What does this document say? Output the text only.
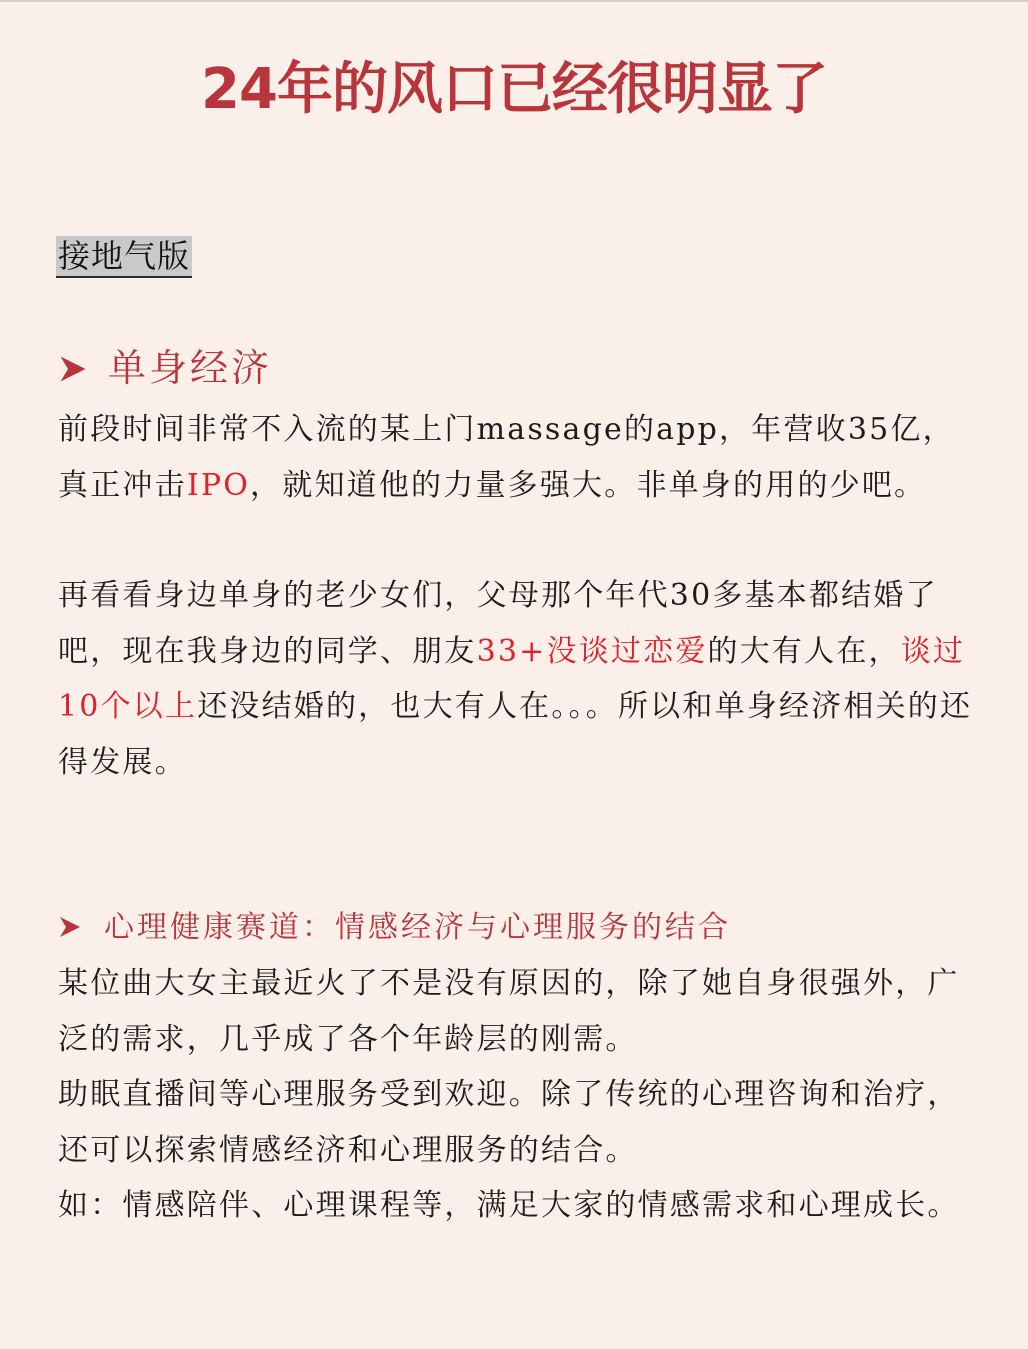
24年的风口已经很明显了
接地气版
单身经济

前段时间非常不入流的某上门massage的app，年营收35亿，真正冲击IPO，就知道他的力量多强大。非单身的用的少吧。

再看看身边单身的老少女们，父母那个年代30多基本都结婚了吧，现在我身边的同学、朋友33+没谈过恋爱的大有人在，谈过10个以上还没结婚的，也大有人在。。。所以和单身经济相关的还得发展。

心理健康赛道：情感经济与心理服务的结合

某位曲大女主最近火了不是没有原因的，除了她自身很强外，广泛的需求，几乎成了各个年龄层的刚需。

助眠直播间等心理服务受到欢迎。除了传统的心理咨询和治疗，还可以探索情感经济和心理服务的结合。

如：情感陪伴、心理课程等，满足大家的情感需求和心理成长。
